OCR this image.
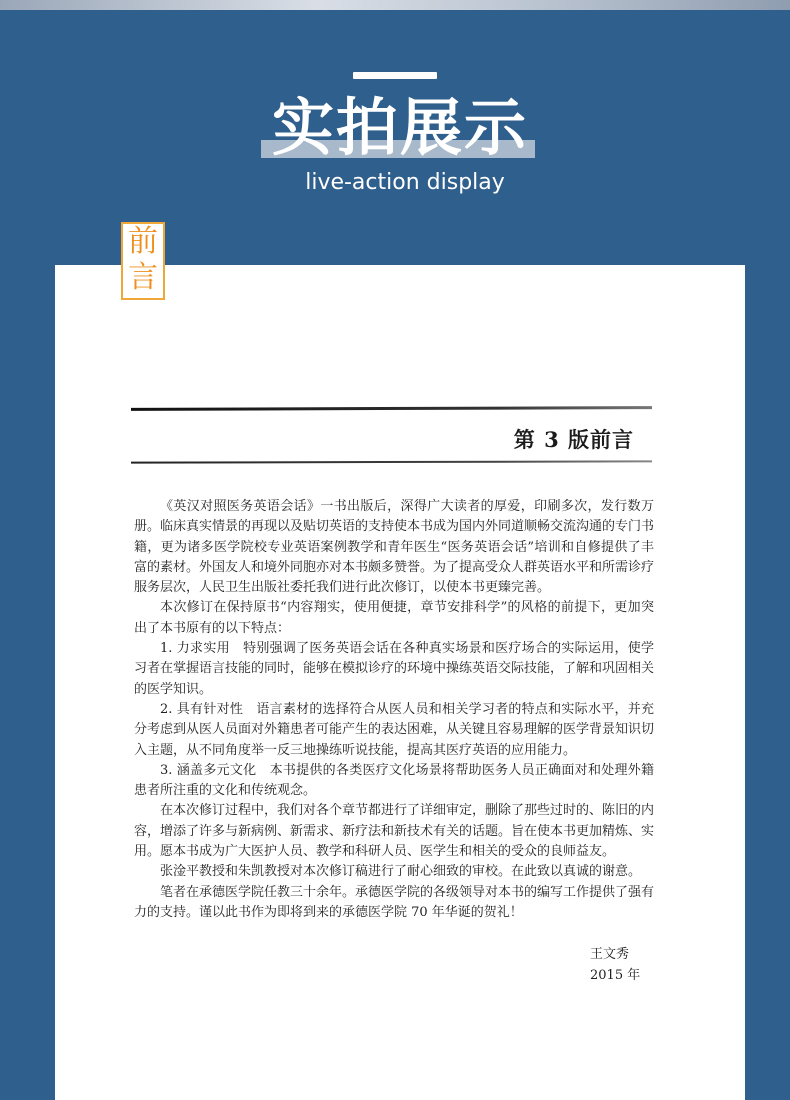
实拍展示
live-action display
前
言
第 3 版前言

《英汉对照医务英语会话》一书出版后，深得广大读者的厚爱，印刷多次，发行数万册。临床真实情景的再现以及贴切英语的支持使本书成为国内外同道顺畅交流沟通的专门书籍，更为诸多医学院校专业英语案例教学和青年医生“医务英语会话”培训和自修提供了丰富的素材。外国友人和境外同胞亦对本书颇多赞誉。为了提高受众人群英语水平和所需诊疗服务层次，人民卫生出版社委托我们进行此次修订，以使本书更臻完善。

本次修订在保持原书“内容翔实，使用便捷，章节安排科学”的风格的前提下，更加突出了本书原有的以下特点：

1. 力求实用　特别强调了医务英语会话在各种真实场景和医疗场合的实际运用，使学习者在掌握语言技能的同时，能够在模拟诊疗的环境中操练英语交际技能，了解和巩固相关的医学知识。

2. 具有针对性　语言素材的选择符合从医人员和相关学习者的特点和实际水平，并充分考虑到从医人员面对外籍患者可能产生的表达困难，从关键且容易理解的医学背景知识切入主题，从不同角度举一反三地操练听说技能，提高其医疗英语的应用能力。

3. 涵盖多元文化　本书提供的各类医疗文化场景将帮助医务人员正确面对和处理外籍患者所注重的文化和传统观念。

在本次修订过程中，我们对各个章节都进行了详细审定，删除了那些过时的、陈旧的内容，增添了许多与新病例、新需求、新疗法和新技术有关的话题。旨在使本书更加精炼、实用。愿本书成为广大医护人员、教学和科研人员、医学生和相关的受众的良师益友。

张淦平教授和朱凯教授对本次修订稿进行了耐心细致的审校。在此致以真诚的谢意。

笔者在承德医学院任教三十余年。承德医学院的各级领导对本书的编写工作提供了强有力的支持。谨以此书作为即将到来的承德医学院 70 年华诞的贺礼！

王文秀
2015 年
